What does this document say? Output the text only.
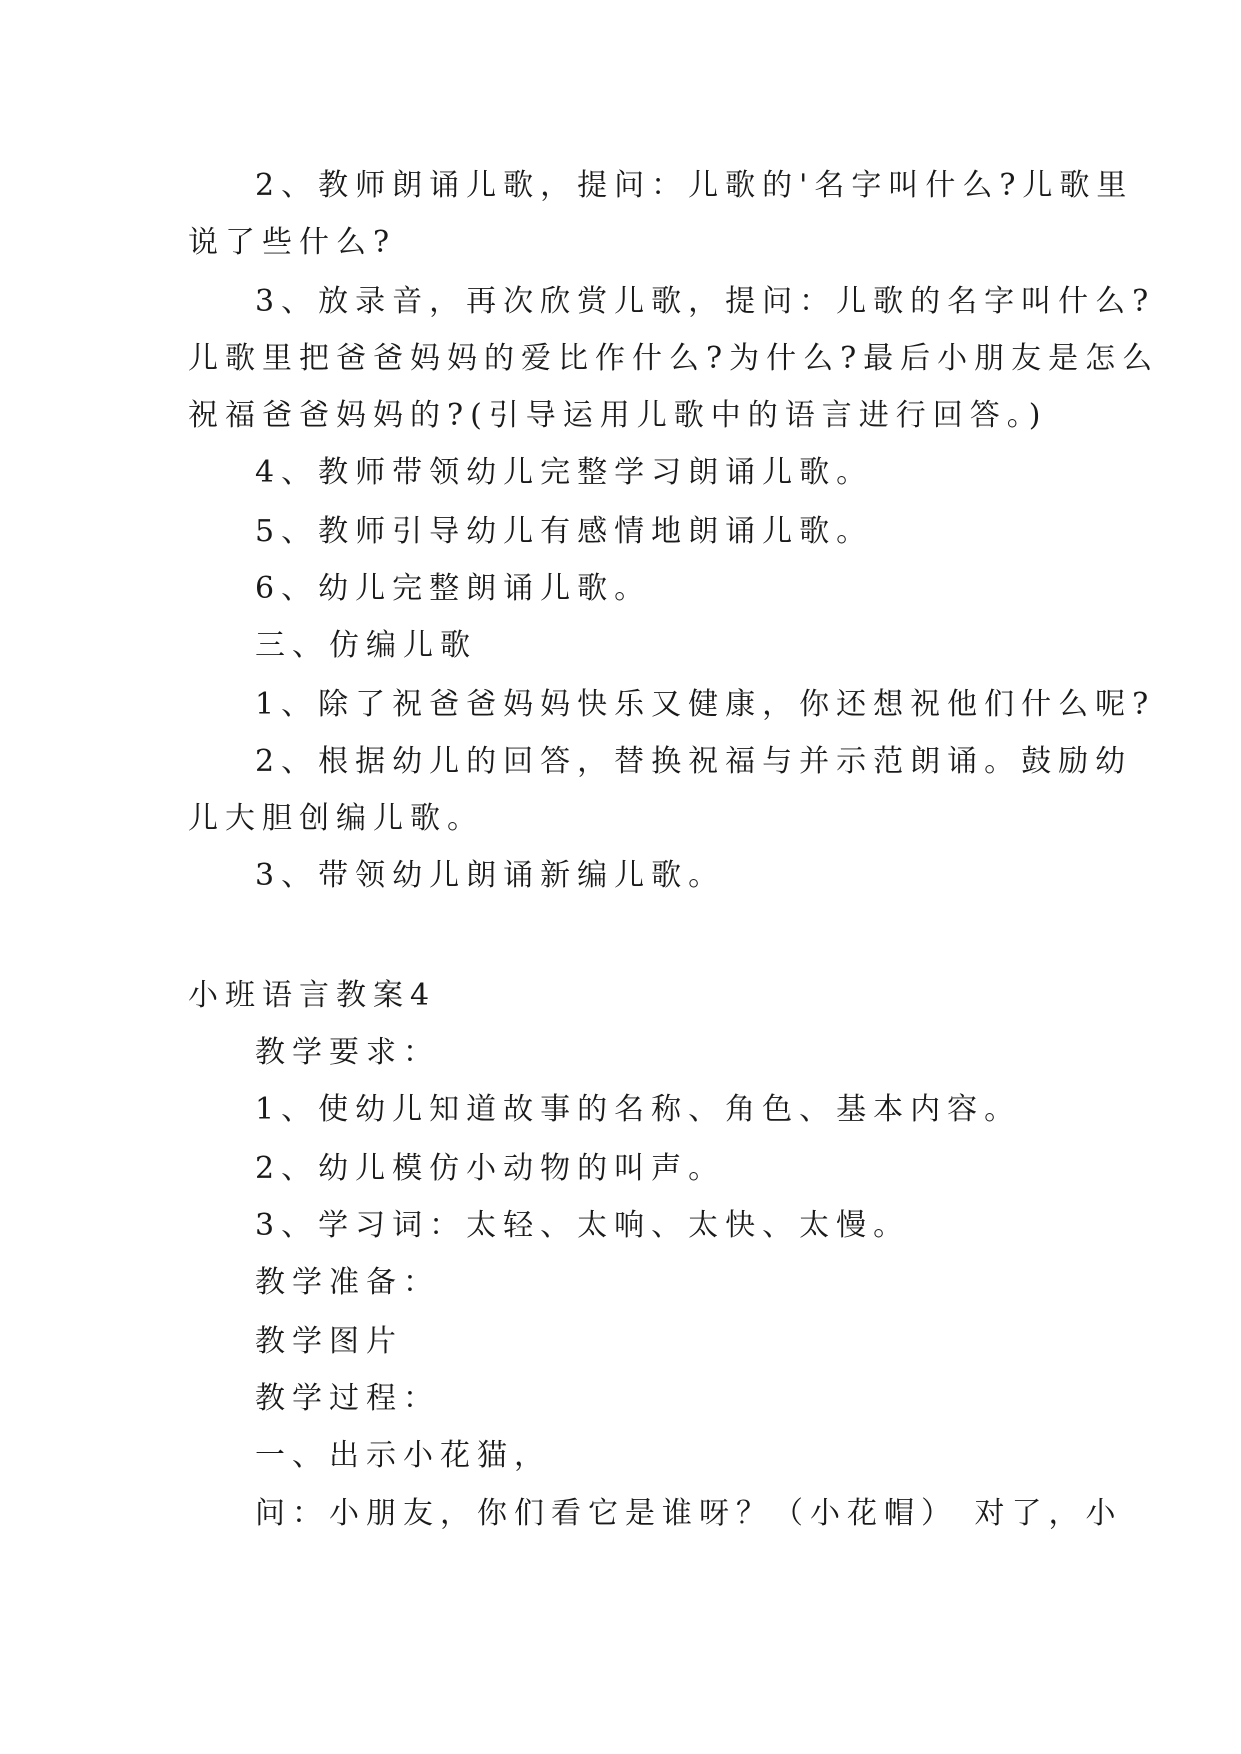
2、教师朗诵儿歌，提问：儿歌的'名字叫什么?儿歌里

说了些什么?

3、放录音，再次欣赏儿歌，提问：儿歌的名字叫什么?

儿歌里把爸爸妈妈的爱比作什么?为什么?最后小朋友是怎么

祝福爸爸妈妈的?(引导运用儿歌中的语言进行回答。)

4、教师带领幼儿完整学习朗诵儿歌。

5、教师引导幼儿有感情地朗诵儿歌。

6、幼儿完整朗诵儿歌。

三、仿编儿歌

1、除了祝爸爸妈妈快乐又健康，你还想祝他们什么呢?

2、根据幼儿的回答，替换祝福与并示范朗诵。鼓励幼

儿大胆创编儿歌。

3、带领幼儿朗诵新编儿歌。

小班语言教案4

教学要求：

1、使幼儿知道故事的名称、角色、基本内容。

2、幼儿模仿小动物的叫声。

3、学习词：太轻、太响、太快、太慢。

教学准备：

教学图片

教学过程：

一、出示小花猫，

问：小朋友，你们看它是谁呀？（小花帽） 对了，小
